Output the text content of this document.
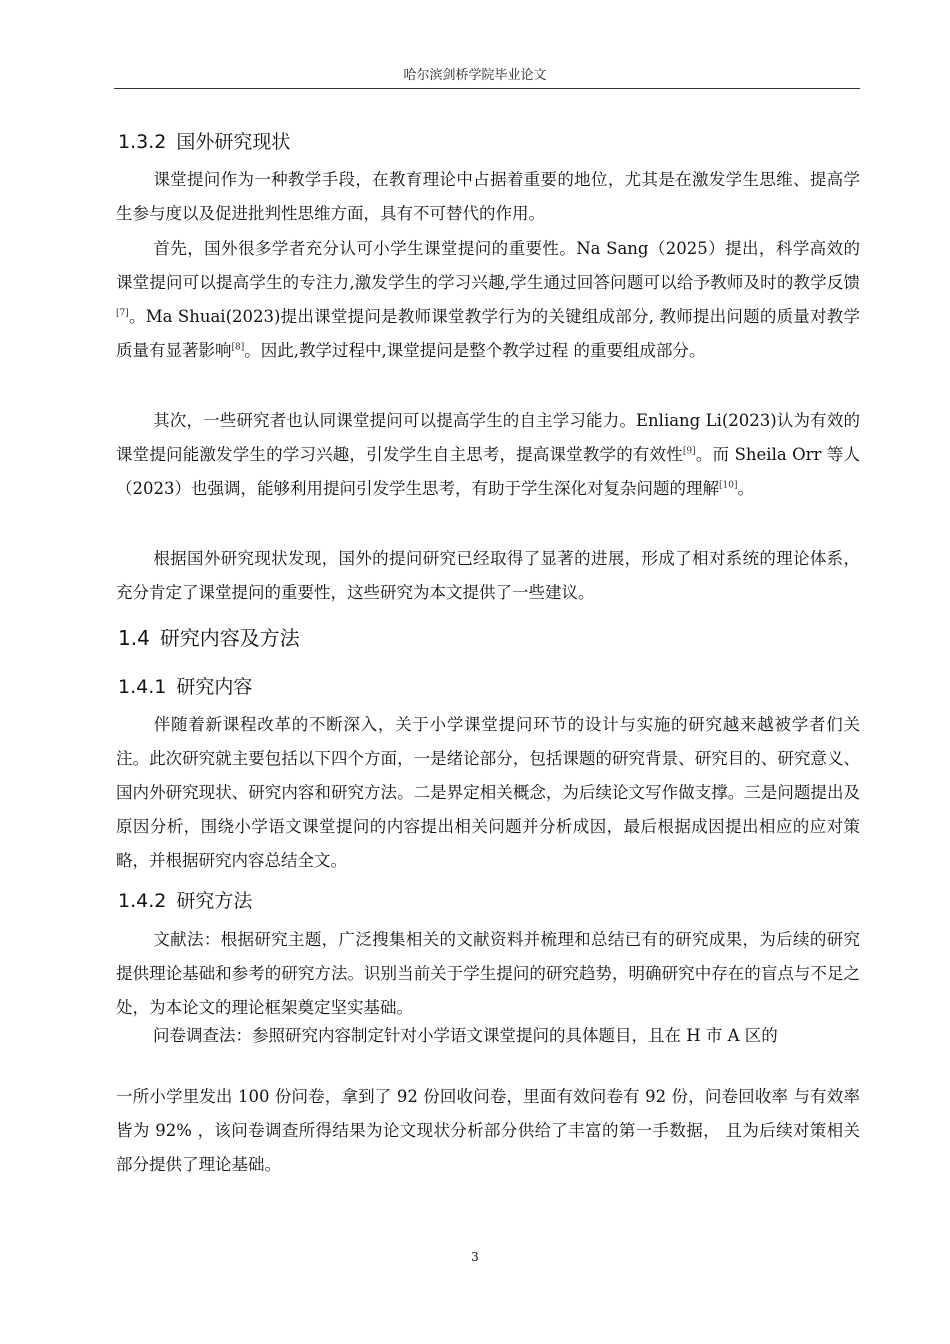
哈尔滨剑桥学院毕业论文
1.3.2 国外研究现状
课堂提问作为一种教学手段，在教育理论中占据着重要的地位，尤其是在激发学生思维、提高学生参与度以及促进批判性思维方面，具有不可替代的作用。
首先，国外很多学者充分认可小学生课堂提问的重要性。Na Sang（2025）提出，科学高效的课堂提问可以提高学生的专注力,激发学生的学习兴趣,学生通过回答问题可以给予教师及时的教学反馈[7]。Ma Shuai(2023)提出课堂提问是教师课堂教学行为的关键组成部分, 教师提出问题的质量对教学质量有显著影响[8]。因此,教学过程中,课堂提问是整个教学过程 的重要组成部分。
其次，一些研究者也认同课堂提问可以提高学生的自主学习能力。Enliang Li(2023)认为有效的课堂提问能激发学生的学习兴趣，引发学生自主思考，提高课堂教学的有效性[9]。而 Sheila Orr 等人（2023）也强调，能够利用提问引发学生思考，有助于学生深化对复杂问题的理解[10]。
根据国外研究现状发现，国外的提问研究已经取得了显著的进展，形成了相对系统的理论体系，充分肯定了课堂提问的重要性，这些研究为本文提供了一些建议。
1.4 研究内容及方法
1.4.1 研究内容
伴随着新课程改革的不断深入，关于小学课堂提问环节的设计与实施的研究越来越被学者们关注。此次研究就主要包括以下四个方面，一是绪论部分，包括课题的研究背景、研究目的、研究意义、国内外研究现状、研究内容和研究方法。二是界定相关概念，为后续论文写作做支撑。三是问题提出及原因分析，围绕小学语文课堂提问的内容提出相关问题并分析成因，最后根据成因提出相应的应对策略，并根据研究内容总结全文。
1.4.2 研究方法
文献法：根据研究主题，广泛搜集相关的文献资料并梳理和总结已有的研究成果，为后续的研究提供理论基础和参考的研究方法。识别当前关于学生提问的研究趋势，明确研究中存在的盲点与不足之处，为本论文的理论框架奠定坚实基础。
问卷调查法：参照研究内容制定针对小学语文课堂提问的具体题目，且在 H 市 A 区的
一所小学里发出 100 份问卷，拿到了 92 份回收问卷，里面有效问卷有 92 份，问卷回收率 与有效率皆为 92% ，该问卷调查所得结果为论文现状分析部分供给了丰富的第一手数据， 且为后续对策相关部分提供了理论基础。
3
